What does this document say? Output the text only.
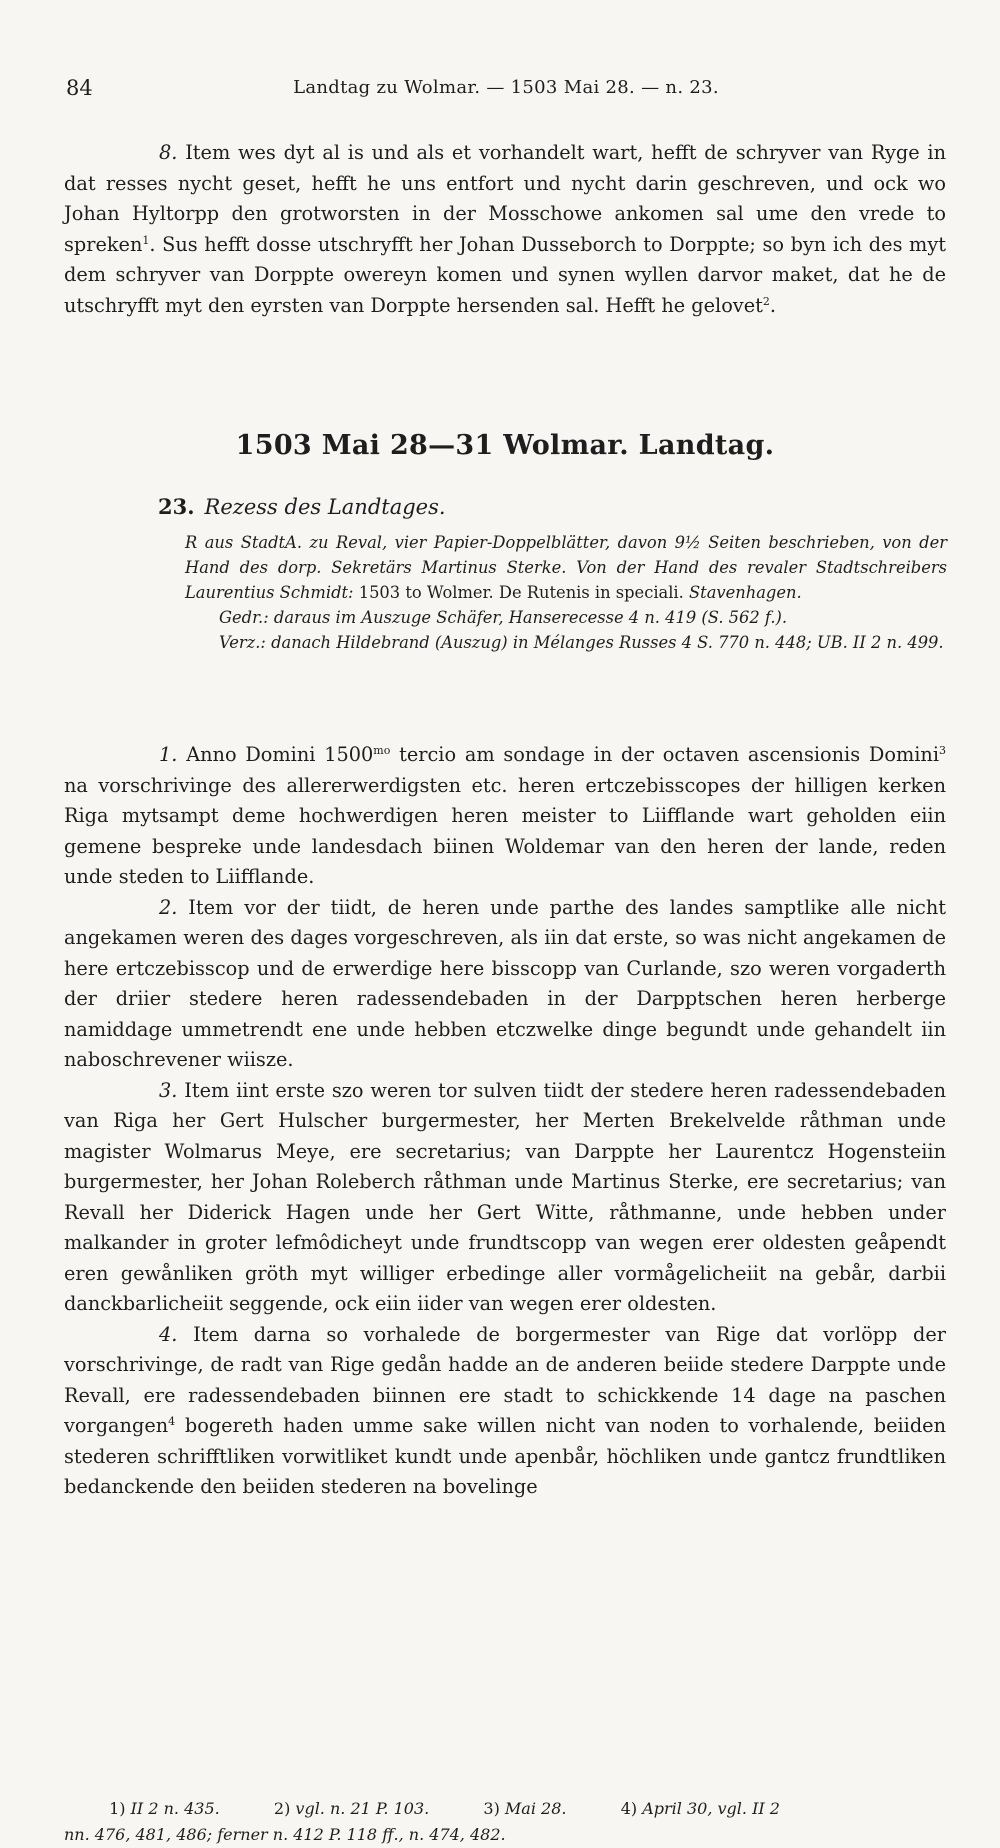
84	Landtag zu Wolmar. — 1503 Mai 28. — n. 23.

8. Item wes dyt al is und als et vorhandelt wart, hefft de schryver van Ryge in dat resses nycht geset, hefft he uns entfort und nycht darin geschreven, und ock wo Johan Hyltorpp den grotworsten in der Mosschowe ankomen sal ume den vrede to spreken$^1$. Sus hefft dosse utschryfft her Johan Dusseborch to Dorppte; so byn ich des myt dem schryver van Dorppte owereyn komen und synen wyllen darvor maket, dat he de utschryfft myt den eyrsten van Dorppte hersenden sal. Hefft he gelovet$^2$.

1503 Mai 28—31 Wolmar. Landtag.
23. Rezess des Landtages.

R aus StadtA. zu Reval, vier Papier-Doppelblätter, davon 9½ Seiten beschrieben, von der Hand des dorp. Sekretärs Martinus Sterke. Von der Hand des revaler Stadtschreibers Laurentius Schmidt: 1503 to Wolmer. De Rutenis in speciali. Stavenhagen.

Gedr.: daraus im Auszuge Schäfer, Hanserecesse 4 n. 419 (S. 562 f.).

Verz.: danach Hildebrand (Auszug) in Mélanges Russes 4 S. 770 n. 448; UB. II 2 n. 499.

1. Anno Domini $1500^{mo}$ tercio am sondage in der octaven ascensionis Domini$^3$ na vorschrivinge des allererwerdigsten etc. heren ertczebisscopes der hilligen kerken Riga mytsampt deme hochwerdigen heren meister to Liifflande wart geholden eiin gemene bespreke unde landesdach biinen Woldemar van den heren der lande, reden unde steden to Liifflande.

2. Item vor der tiidt, de heren unde parthe des landes samptlike alle nicht angekamen weren des dages vorgeschreven, als iin dat erste, so was nicht angekamen de here ertczebisscop und de erwerdige here bisscopp van Curlande, szo weren vorgaderth der driier stedere heren radessendebaden in der Darpptschen heren herberge namiddage ummetrendt ene unde hebben etczwelke dinge begundt unde gehandelt iin naboschrevener wiisze.

3. Item iint erste szo weren tor sulven tiidt der stedere heren radessendebaden van Riga her Gert Hulscher burgermester, her Merten Brekelvelde råthman unde magister Wolmarus Meye, ere secretarius; van Darppte her Laurentcz Hogensteiin burgermester, her Johan Roleberch råthman unde Martinus Sterke, ere secretarius; van Revall her Diderick Hagen unde her Gert Witte, råthmanne, unde hebben under malkander in groter lefmôdicheyt unde frundtscopp van wegen erer oldesten geåpendt eren gewånliken gröth myt williger erbedinge aller vormågelicheiit na gebår, darbii danckbarlicheiit seggende, ock eiin iider van wegen erer oldesten.

4. Item darna so vorhalede de borgermester van Rige dat vorlöpp der vorschrivinge, de radt van Rige gedån hadde an de anderen beiide stedere Darppte unde Revall, ere radessendebaden biinnen ere stadt to schickkende 14 dage na paschen vorgangen$^4$ bogereth haden umme sake willen nicht van noden to vorhalende, beiiden stederen schrifftliken vorwitliket kundt unde apenbår, höchliken unde gantcz frundtliken bedanckende den beiiden stederen na bovelinge

1) II 2 n. 435.	2) vgl. n. 21 P. 103.	3) Mai 28.	4) April 30, vgl. II 2
nn. 476, 481, 486; ferner n. 412 P. 118 ff., n. 474, 482.
